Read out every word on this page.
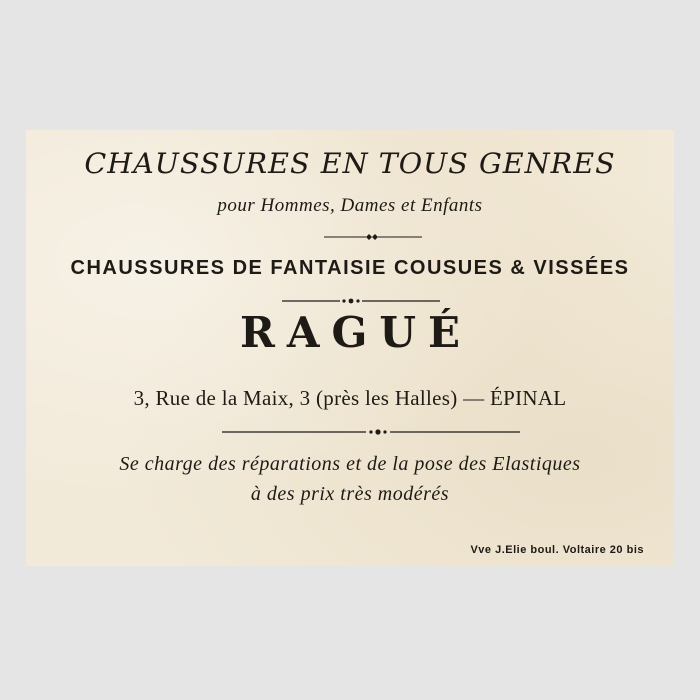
CHAUSSURES EN TOUS GENRES
pour Hommes, Dames et Enfants
CHAUSSURES DE FANTAISIE COUSUES & VISSÉES
RAGUÉ
3, Rue de la Maix, 3 (près les Halles) — ÉPINAL
Se charge des réparations et de la pose des Elastiques
à des prix très modérés
Vve J.Elie boul. Voltaire 20 bis
